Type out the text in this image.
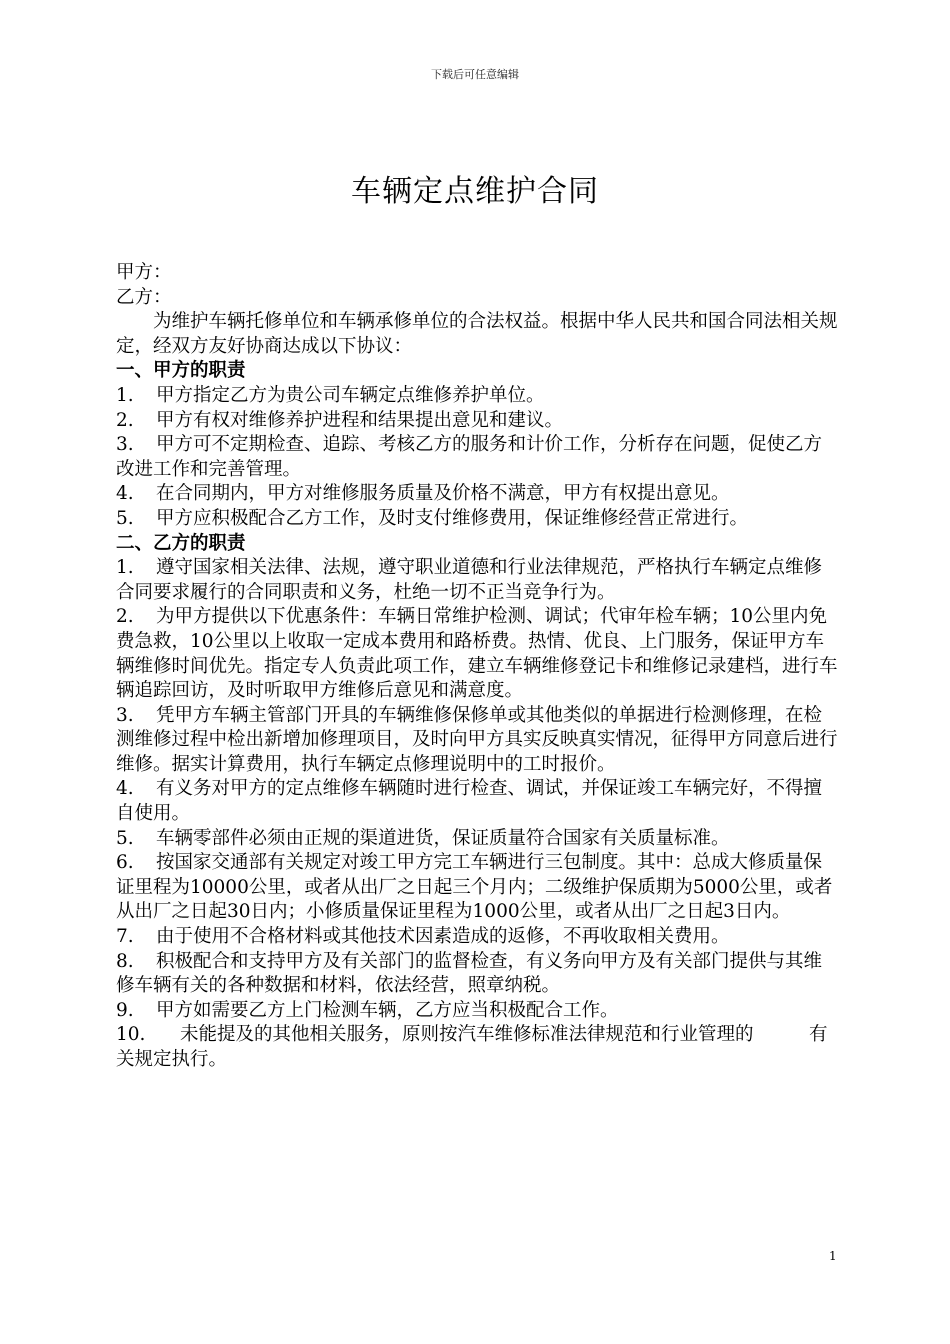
下载后可任意编辑
车辆定点维护合同

甲方：

乙方：

为维护车辆托修单位和车辆承修单位的合法权益。根据中华人民共和国合同法相关规定，经双方友好协商达成以下协议：

一、甲方的职责

1. 甲方指定乙方为贵公司车辆定点维修养护单位。

2. 甲方有权对维修养护进程和结果提出意见和建议。

3. 甲方可不定期检查、追踪、考核乙方的服务和计价工作，分析存在问题，促使乙方改进工作和完善管理。

4. 在合同期内，甲方对维修服务质量及价格不满意，甲方有权提出意见。

5. 甲方应积极配合乙方工作，及时支付维修费用，保证维修经营正常进行。

二、乙方的职责

1. 遵守国家相关法律、法规，遵守职业道德和行业法律规范，严格执行车辆定点维修合同要求履行的合同职责和义务，杜绝一切不正当竞争行为。

2. 为甲方提供以下优惠条件：车辆日常维护检测、调试；代审年检车辆；10公里内免费急救，10公里以上收取一定成本费用和路桥费。热情、优良、上门服务，保证甲方车辆维修时间优先。指定专人负责此项工作，建立车辆维修登记卡和维修记录建档，进行车辆追踪回访，及时听取甲方维修后意见和满意度。

3. 凭甲方车辆主管部门开具的车辆维修保修单或其他类似的单据进行检测修理，在检测维修过程中检出新增加修理项目，及时向甲方具实反映真实情况，征得甲方同意后进行维修。据实计算费用，执行车辆定点修理说明中的工时报价。

4. 有义务对甲方的定点维修车辆随时进行检查、调试，并保证竣工车辆完好，不得擅自使用。

5. 车辆零部件必须由正规的渠道进货，保证质量符合国家有关质量标准。

6. 按国家交通部有关规定对竣工甲方完工车辆进行三包制度。其中：总成大修质量保证里程为10000公里，或者从出厂之日起三个月内；二级维护保质期为5000公里，或者从出厂之日起30日内；小修质量保证里程为1000公里，或者从出厂之日起3日内。

7. 由于使用不合格材料或其他技术因素造成的返修，不再收取相关费用。

8. 积极配合和支持甲方及有关部门的监督检查，有义务向甲方及有关部门提供与其维修车辆有关的各种数据和材料，依法经营，照章纳税。

9. 甲方如需要乙方上门检测车辆，乙方应当积极配合工作。

10. 未能提及的其他相关服务，原则按汽车维修标准法律规范和行业管理的　　　有关规定执行。

1
